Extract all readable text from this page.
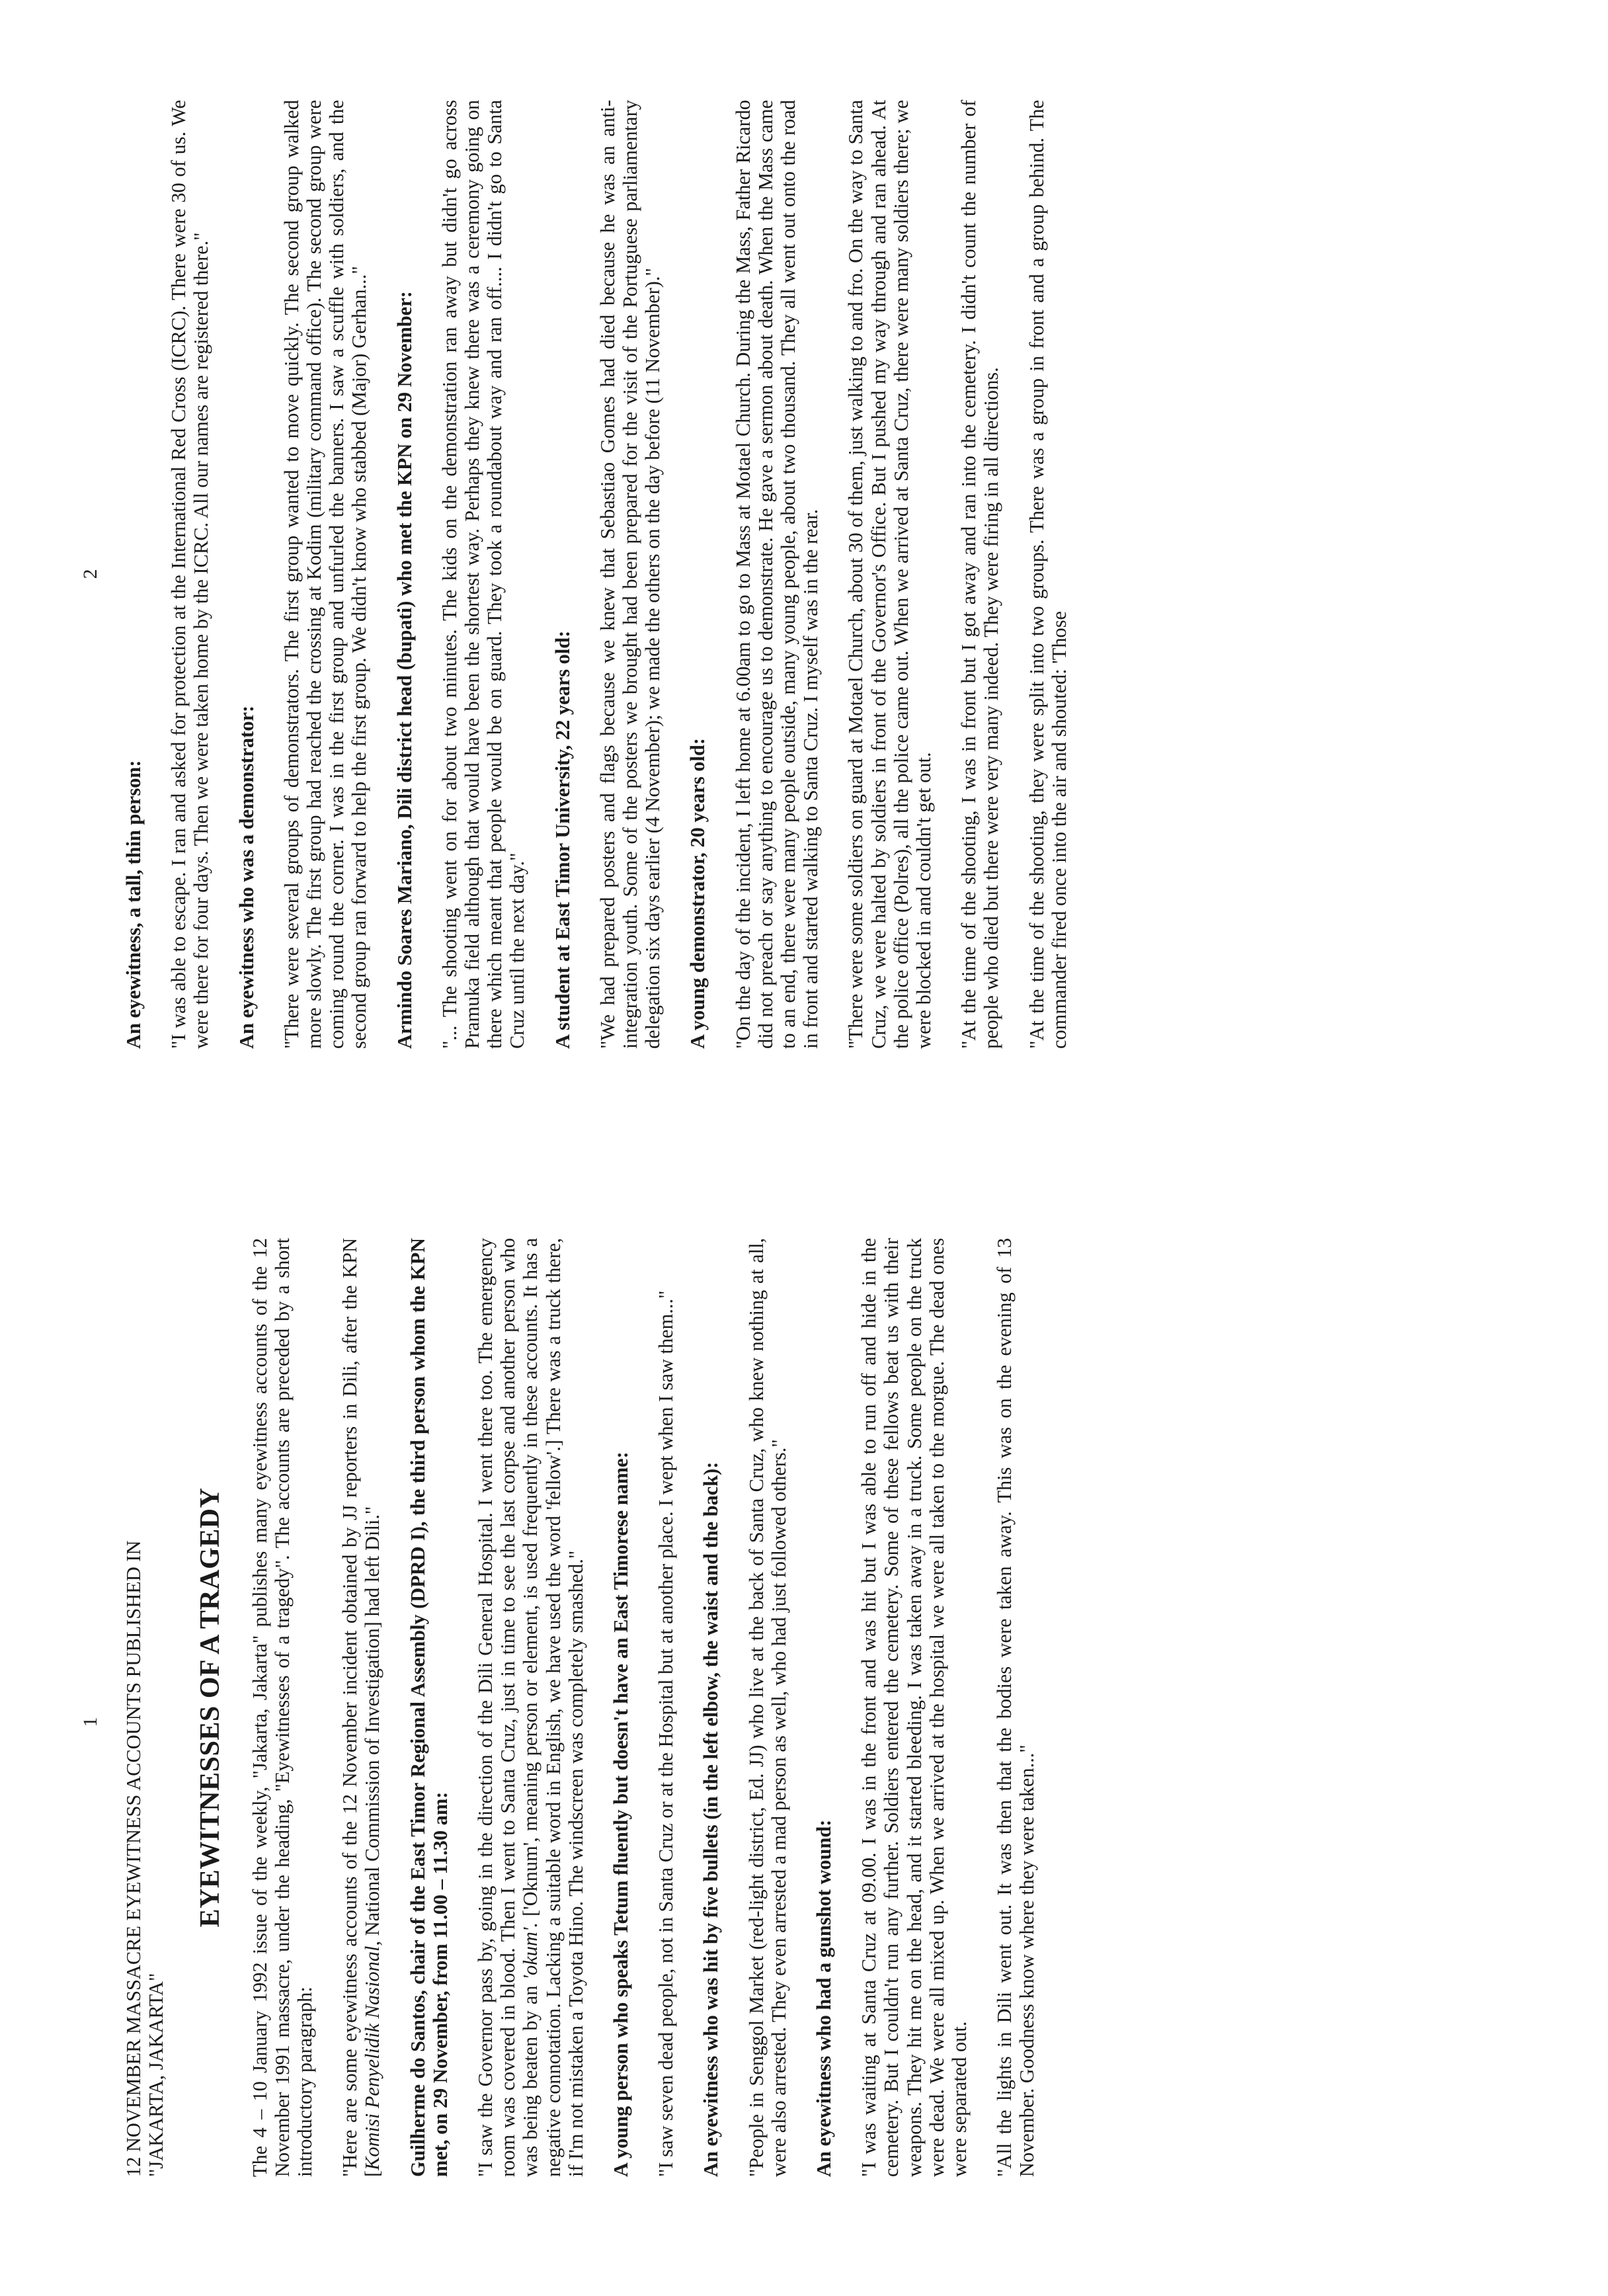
1 12 NOVEMBER MASSACRE EYEWITNESS ACCOUNTS PUBLISHED IN "JAKARTA, JAKARTA"
EYEWITNESSES OF A TRAGEDY The 4 – 10 January 1992 issue of the weekly, "Jakarta, Jakarta" publishes many eyewitness accounts of the 12 November 1991 massacre, under the heading, "Eyewitnesses of a tragedy". The accounts are preceded by a short introductory paragraph: "Here are some eyewitness accounts of the 12 November incident obtained by JJ reporters in Dili, after the KPN [Komisi Penyelidik Nasional, National Commission of Investigation] had left Dili." Guilherme do Santos, chair of the East Timor Regional Assembly (DPRD I), the third person whom the KPN met, on 29 November, from 11.00 – 11.30 am: "I saw the Governor pass by, going in the direction of the Dili General Hospital. I went there too. The emergency room was covered in blood. Then I went to Santa Cruz, just in time to see the last corpse and another person who was being beaten by an 'okum'. ['Oknum', meaning person or element, is used frequently in these accounts. It has a negative connotation. Lacking a suitable word in English, we have used the word 'fellow'.] There was a truck there, if I'm not mistaken a Toyota Hino. The windscreen was completely smashed." A young person who speaks Tetum fluently but doesn't have an East Timorese name: "I saw seven dead people, not in Santa Cruz or at the Hospital but at another place. I wept when I saw them..." An eyewitness who was hit by five bullets (in the left elbow, the waist and the back): "People in Senggol Market (red-light district, Ed. JJ) who live at the back of Santa Cruz, who knew nothing at all, were also arrested. They even arrested a mad person as well, who had just followed others." An eyewitness who had a gunshot wound: "I was waiting at Santa Cruz at 09.00. I was in the front and was hit but I was able to run off and hide in the cemetery. But I couldn't run any further. Soldiers entered the cemetery. Some of these fellows beat us with their weapons. They hit me on the head, and it started bleeding. I was taken away in a truck. Some people on the truck were dead. We were all mixed up. When we arrived at the hospital we were all taken to the morgue. The dead ones were separated out. "All the lights in Dili went out. It was then that the bodies were taken away. This was on the evening of 13 November. Goodness know where they were taken..."

2

An eyewitness, a tall, thin person: "I was able to escape. I ran and asked for protection at the International Red Cross (ICRC). There were 30 of us. We were there for four days. Then we were taken home by the ICRC. All our names are registered there." An eyewitness who was a demonstrator: "There were several groups of demonstrators. The first group wanted to move quickly. The second group walked more slowly. The first group had reached the crossing at Kodim (military command office). The second group were coming round the corner. I was in the first group and unfurled the banners. I saw a scuffle with soldiers, and the second group ran forward to help the first group. We didn't know who stabbed (Major) Gerhan..." Armindo Soares Mariano, Dili district head (bupati) who met the KPN on 29 November: "... The shooting went on for about two minutes. The kids on the demonstration ran away but didn't go across Pramuka field although that would have been the shortest way. Perhaps they knew there was a ceremony going on there which meant that people would be on guard. They took a roundabout way and ran off.... I didn't go to Santa Cruz until the next day." A student at East Timor University, 22 years old: "We had prepared posters and flags because we knew that Sebastiao Gomes had died because he was an anti-integration youth. Some of the posters we brought had been prepared for the visit of the Portuguese parliamentary delegation six days earlier (4 November); we made the others on the day before (11 November)." A young demonstrator, 20 years old: "On the day of the incident, I left home at 6.00am to go to Mass at Motael Church. During the Mass, Father Ricardo did not preach or say anything to encourage us to demonstrate. He gave a sermon about death. When the Mass came to an end, there were many people outside, many young people, about two thousand. They all went out onto the road in front and started walking to Santa Cruz. I myself was in the rear. "There were some soldiers on guard at Motael Church, about 30 of them, just walking to and fro. On the way to Santa Cruz, we were halted by soldiers in front of the Governor's Office. But I pushed my way through and ran ahead. At the police office (Polres), all the police came out. When we arrived at Santa Cruz, there were many soldiers there; we were blocked in and couldn't get out. "At the time of the shooting, I was in front but I got away and ran into the cemetery. I didn't count the number of people who died but there were very many indeed. They were firing in all directions. "At the time of the shooting, they were split into two groups. There was a group in front and a group behind. The commander fired once into the air and shouted: 'Those
